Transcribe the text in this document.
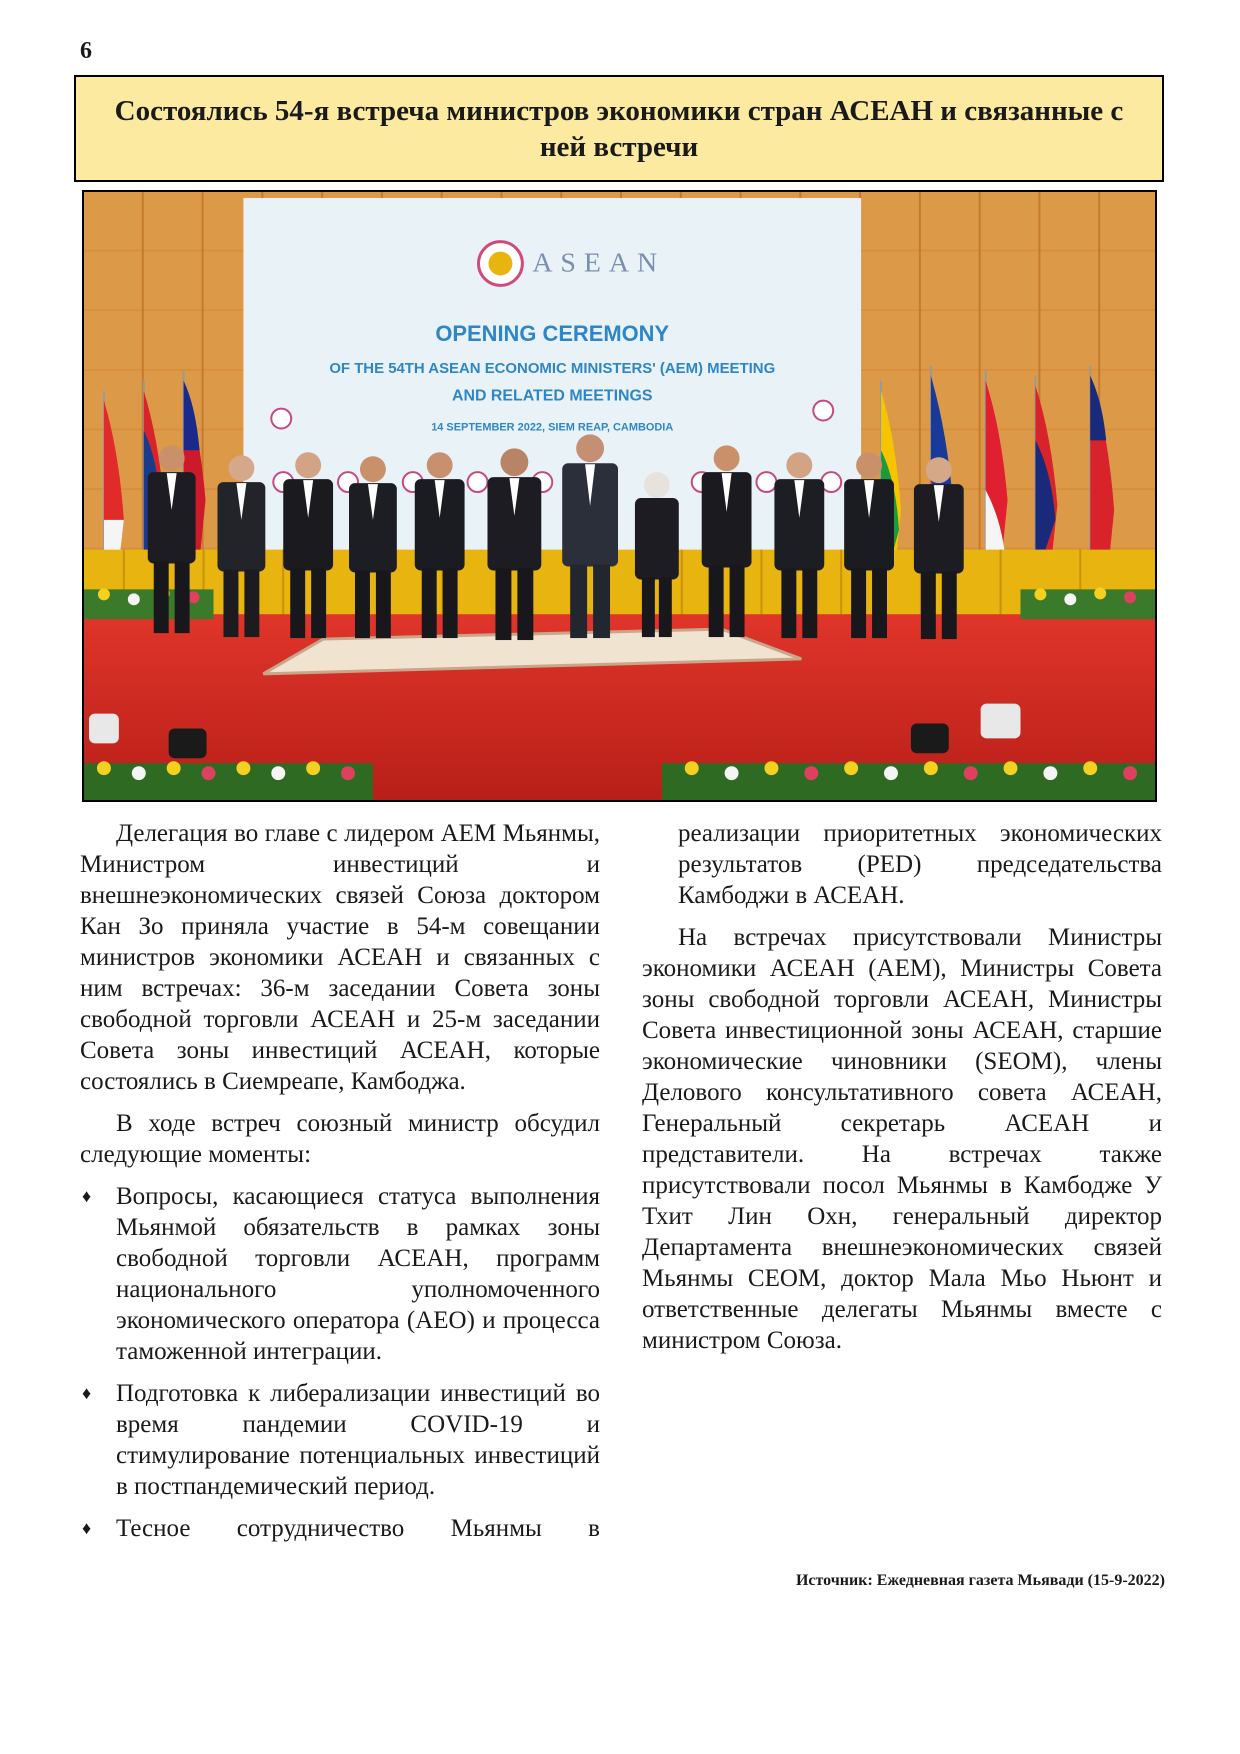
6
Состоялись 54-я встреча министров экономики стран АСЕАН и связанные с ней встречи
ASEAN
OPENING CEREMONY
OF THE 54TH ASEAN ECONOMIC MINISTERS' (AEM) MEETING
AND RELATED MEETINGS
14 SEPTEMBER 2022, SIEM REAP, CAMBODIA

Делегация во главе с лидером AEM Мьянмы, Министром инвестиций и внешнеэкономических связей Союза доктором Кан Зо приняла участие в 54-м совещании министров экономики АСЕАН и связанных с ним встречах: 36-м заседании Совета зоны свободной торговли АСЕАН и 25-м заседании Совета зоны инвестиций АСЕАН, которые состоялись в Сиемреапе, Камбоджа.

В ходе встреч союзный министр обсудил следующие моменты:

♦ Вопросы, касающиеся статуса выполнения Мьянмой обязательств в рамках зоны свободной торговли АСЕАН, программ национального уполномоченного экономического оператора (AEO) и процесса таможенной интеграции.
♦ Подготовка к либерализации инвестиций во время пандемии COVID-19 и стимулирование потенциальных инвестиций в постпандемический период.
♦ Тесное сотрудничество Мьянмы в

реализации приоритетных экономических результатов (PED) председательства Камбоджи в АСЕАН.

На встречах присутствовали Министры экономики АСЕАН (AEM), Министры Совета зоны свободной торговли АСЕАН, Министры Совета инвестиционной зоны АСЕАН, старшие экономические чиновники (SEOM), члены Делового консультативного совета АСЕАН, Генеральный секретарь АСЕАН и представители. На встречах также присутствовали посол Мьянмы в Камбодже У Тхит Лин Охн, генеральный директор Департамента внешнеэкономических связей Мьянмы СЕОМ, доктор Мала Мьо Ньюнт и ответственные делегаты Мьянмы вместе с министром Союза.

Источник: Ежедневная газета Мьявади (15-9-2022)
